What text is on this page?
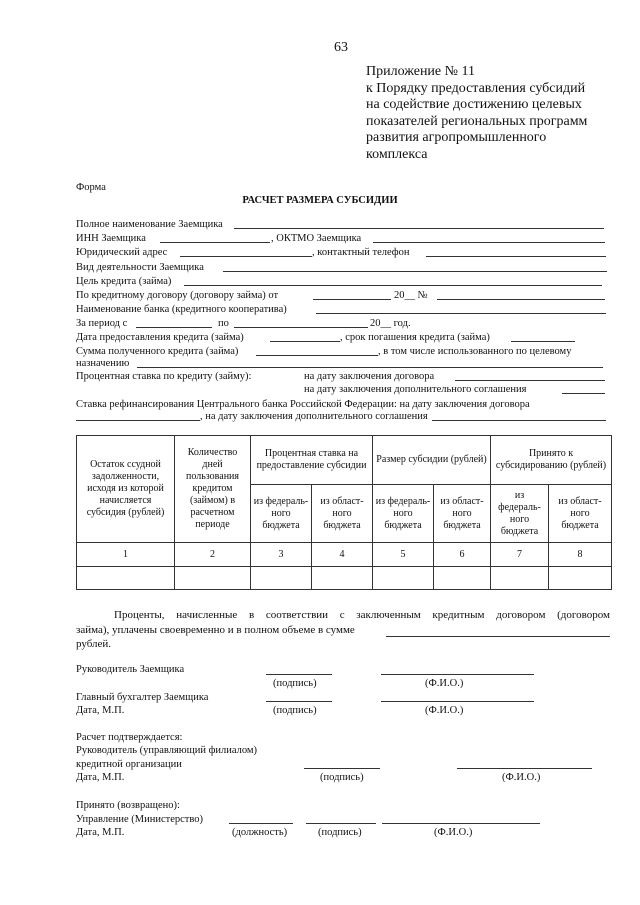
63
Приложение № 11
к Порядку предоставления субсидий
на содействие достижению целевых
показателей региональных программ
развития агропромышленного
комплекса
Форма
РАСЧЕТ РАЗМЕРА СУБСИДИИ
Полное наименование Заемщика
ИНН Заемщика	, ОКТМО Заемщика
Юридический адрес	, контактный телефон
Вид деятельности Заемщика
Цель кредита (займа)
По кредитному договору (договору займа) от	20__ №
Наименование банка (кредитного кооператива)
За период с	по	20__ год.
Дата предоставления кредита (займа)	, срок погашения кредита (займа)
Сумма полученного кредита (займа)	, в том числе использованного по целевому
назначению
Процентная ставка по кредиту (займу):	на дату заключения договора
на дату заключения дополнительного соглашения
Ставка рефинансирования Центрального банка Российской Федерации: на дату заключения договора
, на дату заключения дополнительного соглашения
Остаток ссудной задолженности, исходя из которой начисляется субсидия (рублей)	Количество дней пользования кредитом (займом) в расчетном периоде	Процентная ставка на предоставление субсидии		Размер субсидии (рублей)		Принято к субсидированию (рублей)	
		из федераль-ного бюджета	из област-ного бюджета	из федераль-ного бюджета	из област-ного бюджета	из федераль-ного бюджета	из област-ного бюджета
1	2	3	4	5	6	7	8

Проценты, начисленные в соответствии с заключенным кредитным договором (договором
займа), уплачены своевременно и в полном объеме в сумме
рублей.
Руководитель Заемщика
(подпись)	(Ф.И.О.)
Главный бухгалтер Заемщика
Дата, М.П.	(подпись)	(Ф.И.О.)
Расчет подтверждается:
Руководитель (управляющий филиалом)
кредитной организации
Дата, М.П.	(подпись)	(Ф.И.О.)
Принято (возвращено):
Управление (Министерство)
Дата, М.П.	(должность)	(подпись)	(Ф.И.О.)
